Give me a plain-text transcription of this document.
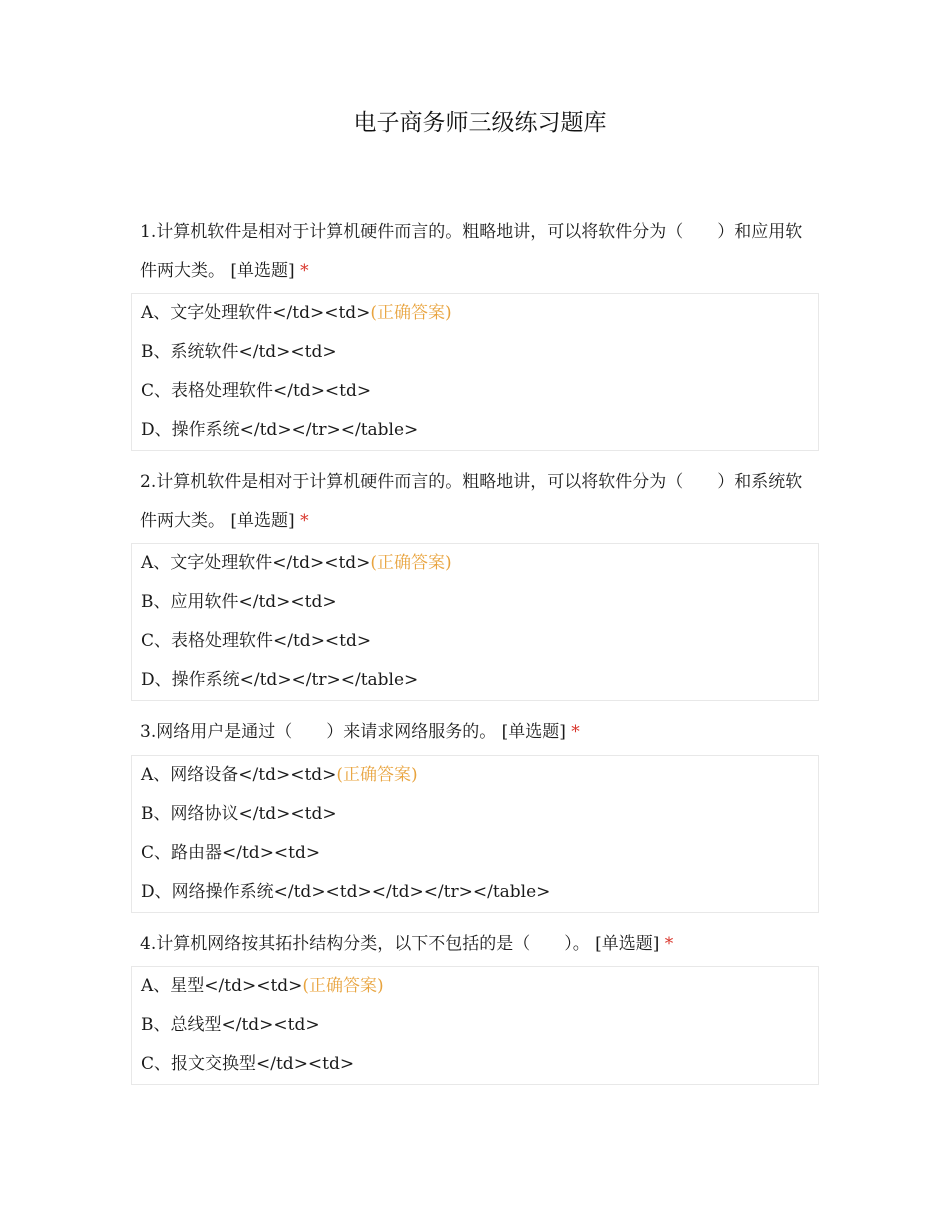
电子商务师三级练习题库
1.计算机软件是相对于计算机硬件而言的。粗略地讲，可以将软件分为（　　）和应用软件两大类。 [单选题] *
A、文字处理软件</td><td>(正确答案)
B、系统软件</td><td>
C、表格处理软件</td><td>
D、操作系统</td></tr></table>
2.计算机软件是相对于计算机硬件而言的。粗略地讲，可以将软件分为（　　）和系统软件两大类。 [单选题] *
A、文字处理软件</td><td>(正确答案)
B、应用软件</td><td>
C、表格处理软件</td><td>
D、操作系统</td></tr></table>
3.网络用户是通过（　　）来请求网络服务的。 [单选题] *
A、网络设备</td><td>(正确答案)
B、网络协议</td><td>
C、路由器</td><td>
D、网络操作系统</td><td></td></tr></table>
4.计算机网络按其拓扑结构分类，以下不包括的是（　　）。 [单选题] *
A、星型</td><td>(正确答案)
B、总线型</td><td>
C、报文交换型</td><td>
